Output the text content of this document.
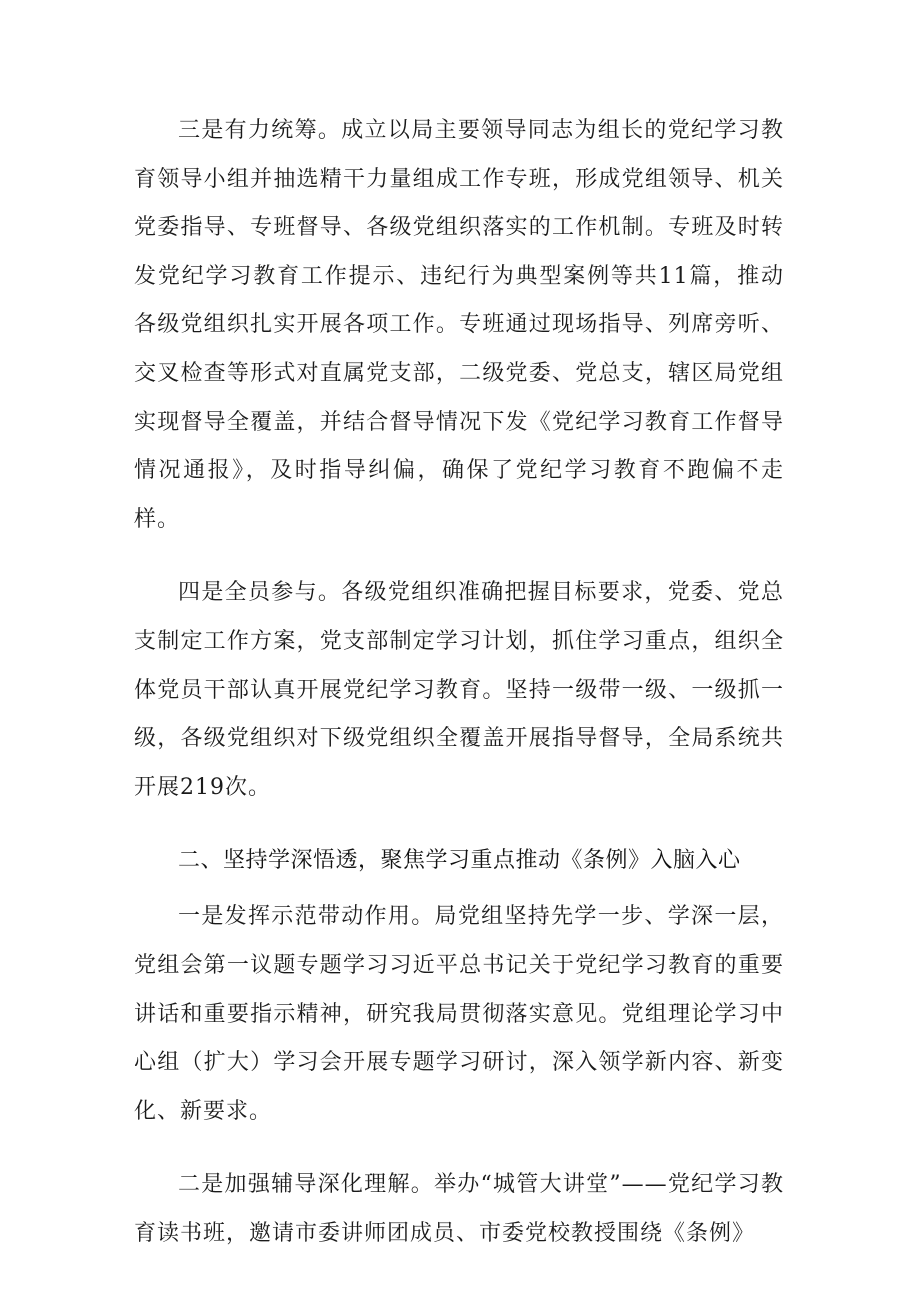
三是有力统筹。成立以局主要领导同志为组长的党纪学习教育领导小组并抽选精干力量组成工作专班，形成党组领导、机关党委指导、专班督导、各级党组织落实的工作机制。专班及时转发党纪学习教育工作提示、违纪行为典型案例等共11篇，推动各级党组织扎实开展各项工作。专班通过现场指导、列席旁听、交叉检查等形式对直属党支部，二级党委、党总支，辖区局党组实现督导全覆盖，并结合督导情况下发《党纪学习教育工作督导情况通报》，及时指导纠偏，确保了党纪学习教育不跑偏不走样。

四是全员参与。各级党组织准确把握目标要求，党委、党总支制定工作方案，党支部制定学习计划，抓住学习重点，组织全体党员干部认真开展党纪学习教育。坚持一级带一级、一级抓一级，各级党组织对下级党组织全覆盖开展指导督导，全局系统共开展219次。

二、坚持学深悟透，聚焦学习重点推动《条例》入脑入心

一是发挥示范带动作用。局党组坚持先学一步、学深一层，党组会第一议题专题学习习近平总书记关于党纪学习教育的重要讲话和重要指示精神，研究我局贯彻落实意见。党组理论学习中心组（扩大）学习会开展专题学习研讨，深入领学新内容、新变化、新要求。

二是加强辅导深化理解。举办“城管大讲堂”——党纪学习教育读书班，邀请市委讲师团成员、市委党校教授围绕《条例》
